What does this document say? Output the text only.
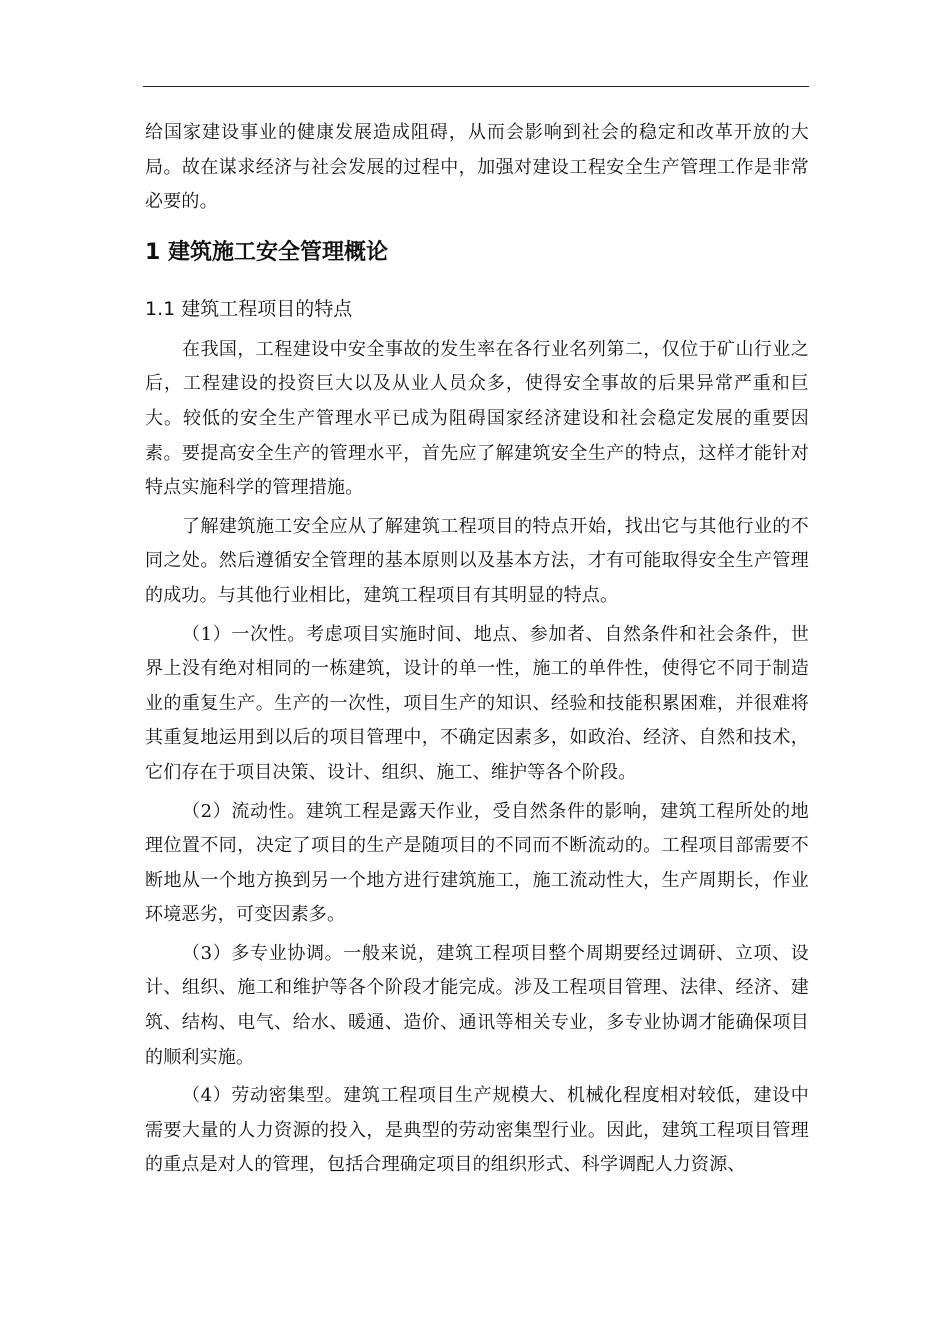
给国家建设事业的健康发展造成阻碍，从而会影响到社会的稳定和改革开放的大局。故在谋求经济与社会发展的过程中，加强对建设工程安全生产管理工作是非常必要的。

1 建筑施工安全管理概论
1.1 建筑工程项目的特点

在我国，工程建设中安全事故的发生率在各行业名列第二，仅位于矿山行业之后，工程建设的投资巨大以及从业人员众多，使得安全事故的后果异常严重和巨大。较低的安全生产管理水平已成为阻碍国家经济建设和社会稳定发展的重要因素。要提高安全生产的管理水平，首先应了解建筑安全生产的特点，这样才能针对特点实施科学的管理措施。

了解建筑施工安全应从了解建筑工程项目的特点开始，找出它与其他行业的不同之处。然后遵循安全管理的基本原则以及基本方法，才有可能取得安全生产管理的成功。与其他行业相比，建筑工程项目有其明显的特点。

（1）一次性。考虑项目实施时间、地点、参加者、自然条件和社会条件，世界上没有绝对相同的一栋建筑，设计的单一性，施工的单件性，使得它不同于制造业的重复生产。生产的一次性，项目生产的知识、经验和技能积累困难，并很难将其重复地运用到以后的项目管理中，不确定因素多，如政治、经济、自然和技术，它们存在于项目决策、设计、组织、施工、维护等各个阶段。

（2）流动性。建筑工程是露天作业，受自然条件的影响，建筑工程所处的地理位置不同，决定了项目的生产是随项目的不同而不断流动的。工程项目部需要不断地从一个地方换到另一个地方进行建筑施工，施工流动性大，生产周期长，作业环境恶劣，可变因素多。

（3）多专业协调。一般来说，建筑工程项目整个周期要经过调研、立项、设计、组织、施工和维护等各个阶段才能完成。涉及工程项目管理、法律、经济、建筑、结构、电气、给水、暖通、造价、通讯等相关专业，多专业协调才能确保项目的顺利实施。

（4）劳动密集型。建筑工程项目生产规模大、机械化程度相对较低，建设中需要大量的人力资源的投入，是典型的劳动密集型行业。因此，建筑工程项目管理的重点是对人的管理，包括合理确定项目的组织形式、科学调配人力资源、
